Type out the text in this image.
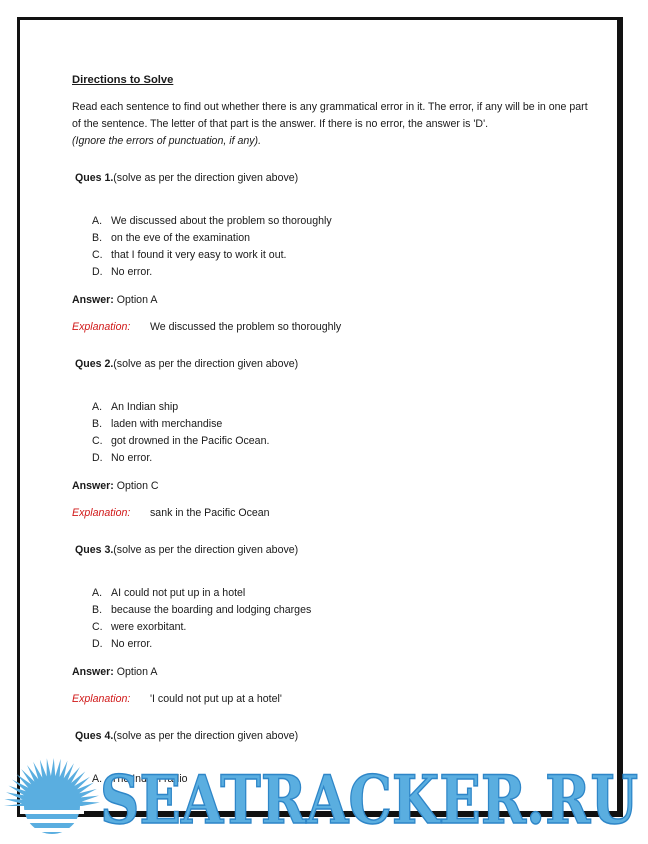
Directions to Solve

Read each sentence to find out whether there is any grammatical error in it. The error, if any will be in one part of the sentence. The letter of that part is the answer. If there is no error, the answer is 'D'.
(Ignore the errors of punctuation, if any).

Ques 1.(solve as per the direction given above)
A. We discussed about the problem so thoroughly
B. on the eve of the examination
C. that I found it very easy to work it out.
D. No error.
Answer: Option A
Explanation:	We discussed the problem so thoroughly
Ques 2.(solve as per the direction given above)
A. An Indian ship
B. laden with merchandise
C. got drowned in the Pacific Ocean.
D. No error.
Answer: Option C
Explanation:	sank in the Pacific Ocean
Ques 3.(solve as per the direction given above)
A. AI could not put up in a hotel
B. because the boarding and lodging charges
C. were exorbitant.
D. No error.
Answer: Option A
Explanation:	'I could not put up at a hotel'
Ques 4.(solve as per the direction given above)
A. The Indian radio
SEATRACKER.RU
